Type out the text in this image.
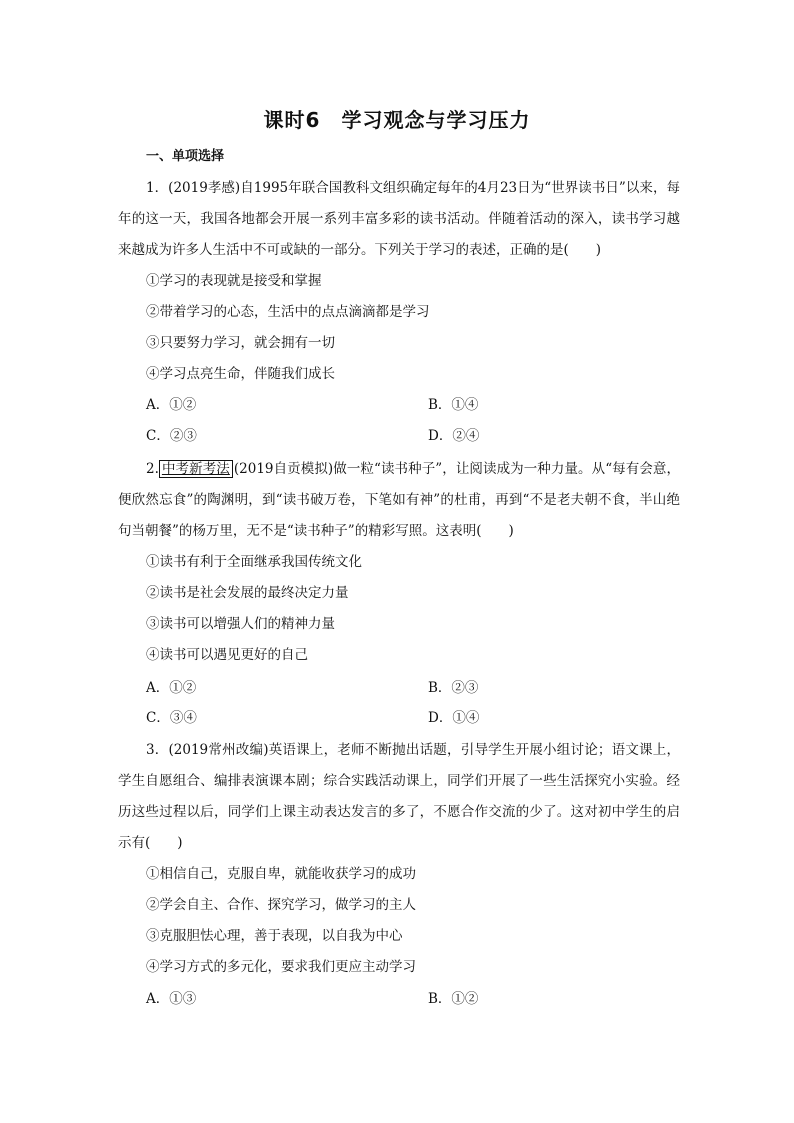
课时6　学习观念与学习压力
一、单项选择
1．(2019孝感)自1995年联合国教科文组织确定每年的4月23日为“世界读书日”以来，每年的这一天，我国各地都会开展一系列丰富多彩的读书活动。伴随着活动的深入，读书学习越来越成为许多人生活中不可或缺的一部分。下列关于学习的表述，正确的是(　　)
①学习的表现就是接受和掌握
②带着学习的心态，生活中的点点滴滴都是学习
③只要努力学习，就会拥有一切
④学习点亮生命，伴随我们成长
A．①②	B．①④
C．②③	D．②④
2. 中考新考法 (2019自贡模拟)做一粒“读书种子”，让阅读成为一种力量。从“每有会意，便欣然忘食”的陶渊明，到“读书破万卷，下笔如有神”的杜甫，再到“不是老夫朝不食，半山绝句当朝餐”的杨万里，无不是“读书种子”的精彩写照。这表明(　　)
①读书有利于全面继承我国传统文化
②读书是社会发展的最终决定力量
③读书可以增强人们的精神力量
④读书可以遇见更好的自己
A．①②	B．②③
C．③④	D．①④
3．(2019常州改编)英语课上，老师不断抛出话题，引导学生开展小组讨论；语文课上，学生自愿组合、编排表演课本剧；综合实践活动课上，同学们开展了一些生活探究小实验。经历这些过程以后，同学们上课主动表达发言的多了，不愿合作交流的少了。这对初中学生的启示有(　　)
①相信自己，克服自卑，就能收获学习的成功
②学会自主、合作、探究学习，做学习的主人
③克服胆怯心理，善于表现，以自我为中心
④学习方式的多元化，要求我们更应主动学习
A．①③	B．①②
